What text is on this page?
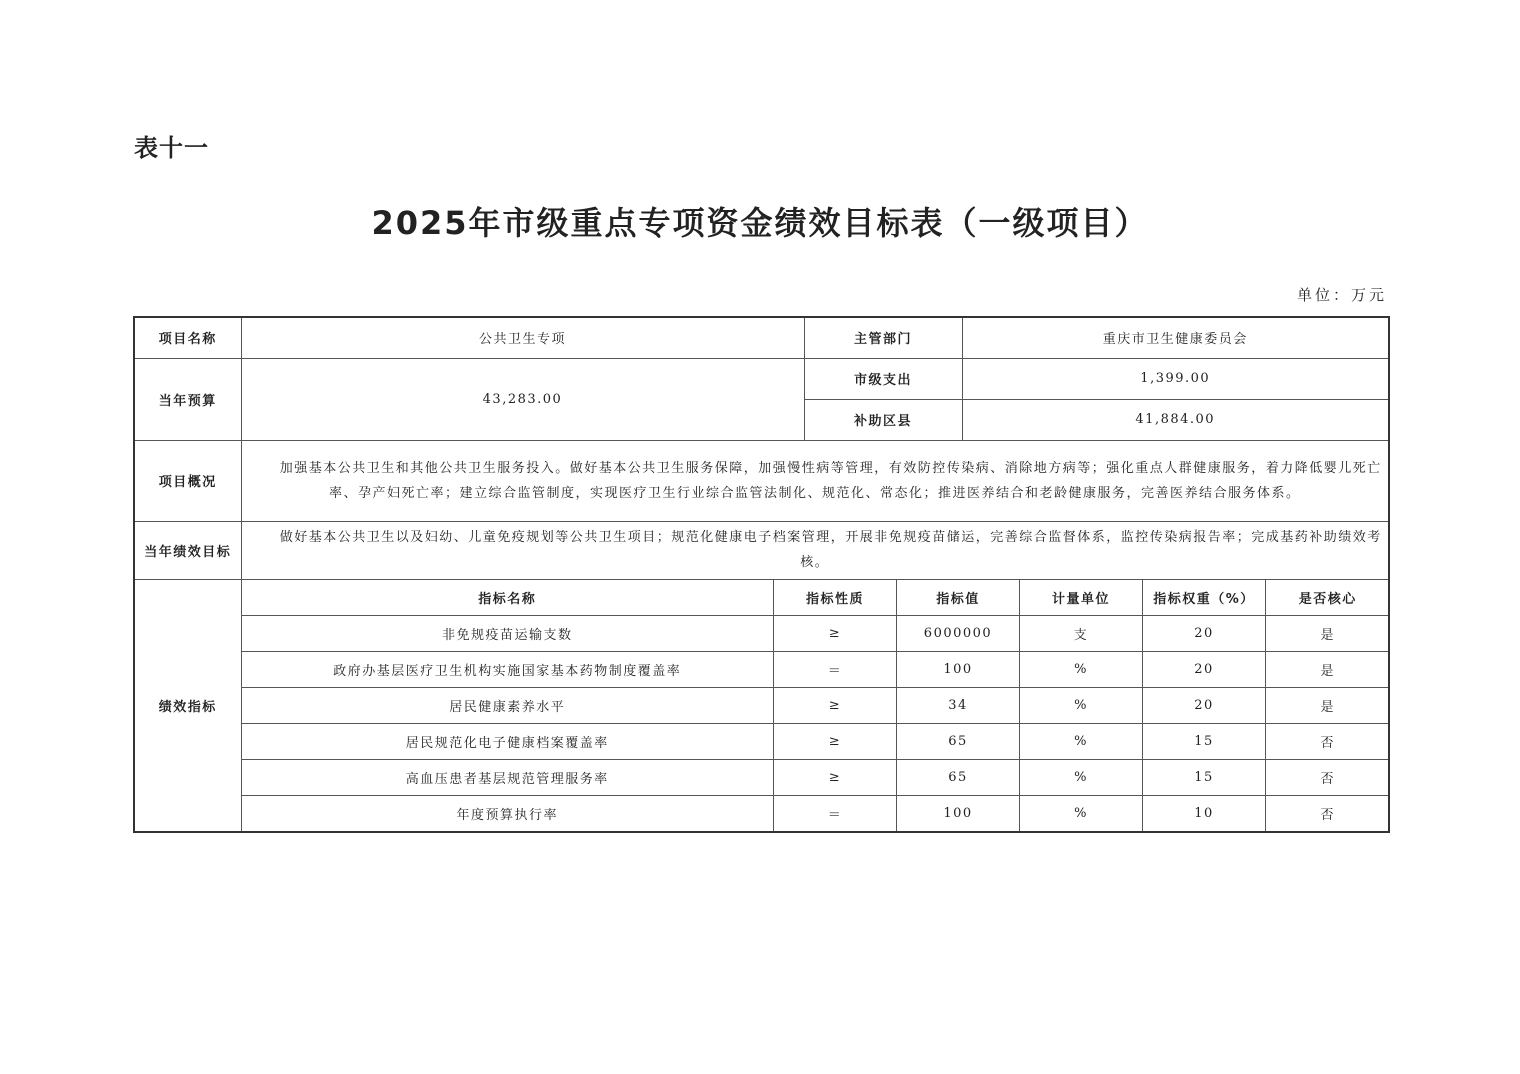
表十一
2025年市级重点专项资金绩效目标表（一级项目）
单位：万元
项目名称	公共卫生专项	主管部门	重庆市卫生健康委员会
当年预算	43,283.00	市级支出	1,399.00
补助区县	41,884.00
项目概况	加强基本公共卫生和其他公共卫生服务投入。做好基本公共卫生服务保障，加强慢性病等管理，有效防控传染病、消除地方病等；强化重点人群健康服务，着力降低婴儿死亡率、孕产妇死亡率；建立综合监管制度，实现医疗卫生行业综合监管法制化、规范化、常态化；推进医养结合和老龄健康服务，完善医养结合服务体系。
当年绩效目标	做好基本公共卫生以及妇幼、儿童免疫规划等公共卫生项目；规范化健康电子档案管理，开展非免规疫苗储运，完善综合监督体系，监控传染病报告率；完成基药补助绩效考核。
绩效指标	
指标名称	指标性质	指标值	计量单位	指标权重（%）	是否核心
非免规疫苗运输支数	≥	6000000	支	20	是
政府办基层医疗卫生机构实施国家基本药物制度覆盖率	＝	100	%	20	是
居民健康素养水平	≥	34	%	20	是
居民规范化电子健康档案覆盖率	≥	65	%	15	否
高血压患者基层规范管理服务率	≥	65	%	15	否
年度预算执行率	＝	100	%	10	否
